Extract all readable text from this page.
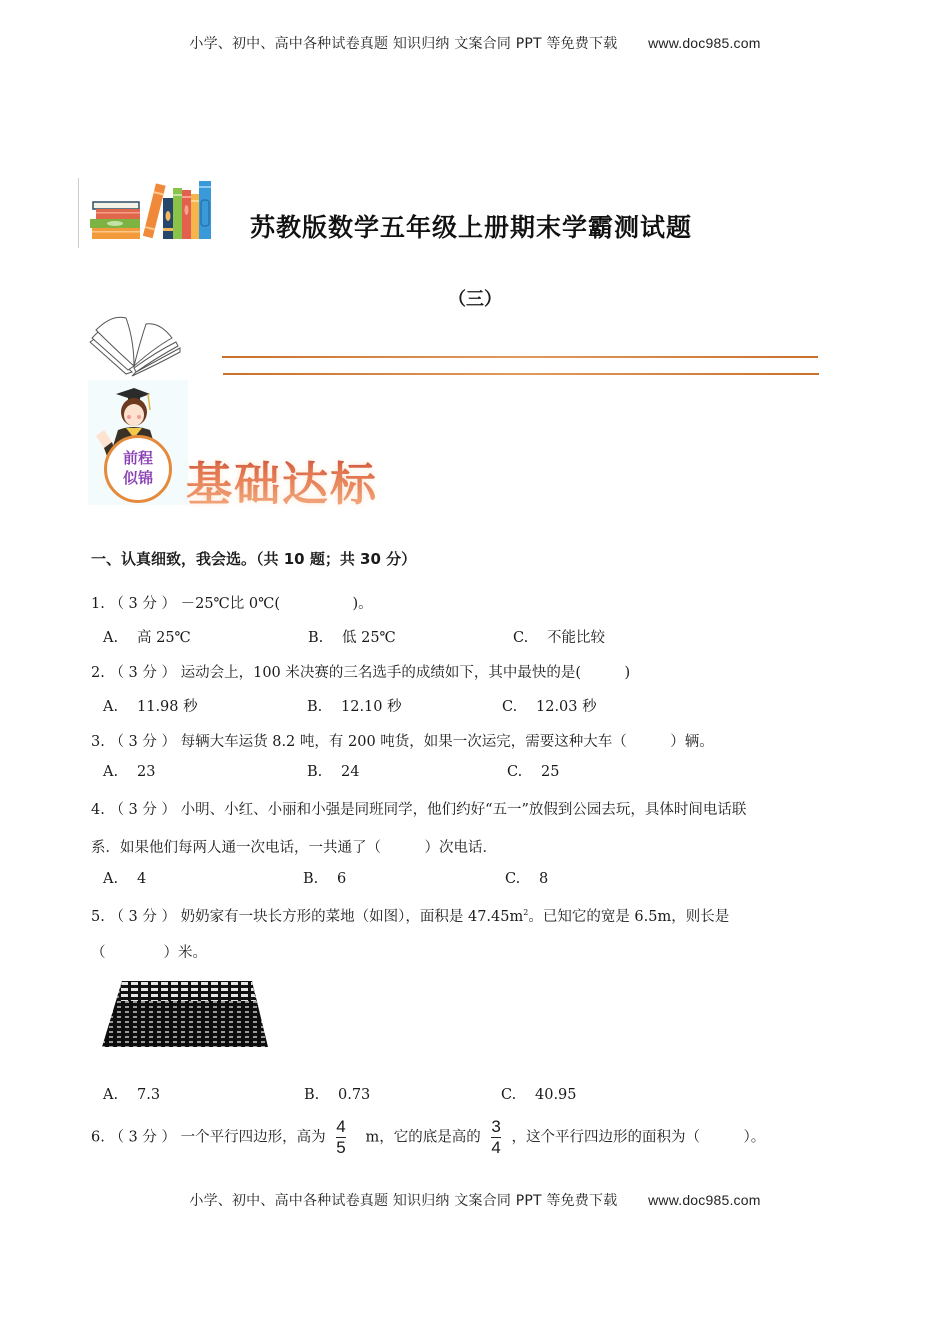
小学、初中、高中各种试卷真题 知识归纳 文案合同 PPT 等免费下载 www.doc985.com
苏教版数学五年级上册期末学霸测试题
（三）
前程
似锦 基础达标
一、认真细致，我会选。（共 10 题；共 30 分）
1. （ 3 分 ） －25℃比 0℃(　　　　　)。
A. 高 25℃	B. 低 25℃	C. 不能比较
2. （ 3 分 ） 运动会上，100 米决赛的三名选手的成绩如下，其中最快的是(　　　)
A. 11.98 秒	B. 12.10 秒	C. 12.03 秒
3. （ 3 分 ） 每辆大车运货 8.2 吨，有 200 吨货，如果一次运完，需要这种大车（　　　）辆。
A. 23	B. 24	C. 25
4. （ 3 分 ） 小明、小红、小丽和小强是同班同学，他们约好“五一”放假到公园去玩，具体时间电话联
系．如果他们每两人通一次电话，一共通了（　　　）次电话．
A. 4	B. 6	C. 8
5. （ 3 分 ） 奶奶家有一块长方形的菜地（如图），面积是 $47.45m^2$。已知它的宽是 6.5m，则长是
（　　　　）米。
A. 7.3	B. 0.73	C. 40.95
6. （ 3 分 ） 一个平行四边形，高为 $\frac{4}{5}$ m，它的底是高的 $\frac{3}{4}$ ，这个平行四边形的面积为（　　　）。
小学、初中、高中各种试卷真题 知识归纳 文案合同 PPT 等免费下载 www.doc985.com
